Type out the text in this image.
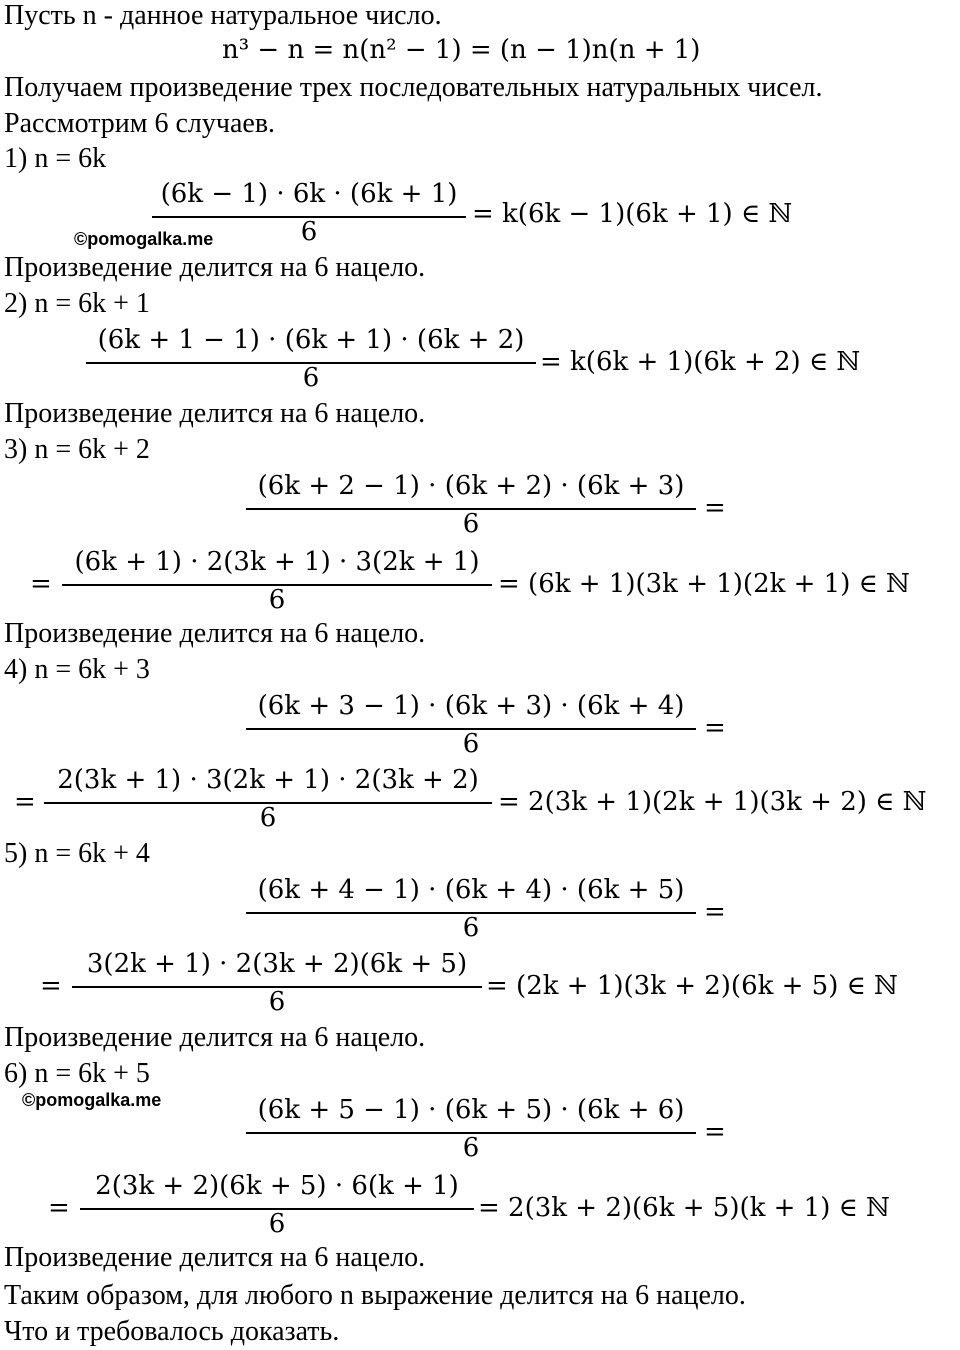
Пусть n - данное натуральное число.
n³ − n = n(n² − 1) = (n − 1)n(n + 1)
Получаем произведение трех последовательных натуральных чисел.
Рассмотрим 6 случаев.
1) n = 6k
(6k − 1) · 6k · (6k + 1)
6
= k(6k − 1)(6k + 1) ∈ ℕ
©pomogalka.me
Произведение делится на 6 нацело.
2) n = 6k + 1
(6k + 1 − 1) · (6k + 1) · (6k + 2)
6
= k(6k + 1)(6k + 2) ∈ ℕ
Произведение делится на 6 нацело.
3) n = 6k + 2
(6k + 2 − 1) · (6k + 2) · (6k + 3)
6
=
=
(6k + 1) · 2(3k + 1) · 3(2k + 1)
6
= (6k + 1)(3k + 1)(2k + 1) ∈ ℕ
Произведение делится на 6 нацело.
4) n = 6k + 3
(6k + 3 − 1) · (6k + 3) · (6k + 4)
6
=
=
2(3k + 1) · 3(2k + 1) · 2(3k + 2)
6
= 2(3k + 1)(2k + 1)(3k + 2) ∈ ℕ
5) n = 6k + 4
(6k + 4 − 1) · (6k + 4) · (6k + 5)
6
=
=
3(2k + 1) · 2(3k + 2)(6k + 5)
6
= (2k + 1)(3k + 2)(6k + 5) ∈ ℕ
Произведение делится на 6 нацело.
6) n = 6k + 5
©pomogalka.me	(6k + 5 − 1) · (6k + 5) · (6k + 6)
6
=
=
2(3k + 2)(6k + 5) · 6(k + 1)
6
= 2(3k + 2)(6k + 5)(k + 1) ∈ ℕ
Произведение делится на 6 нацело.
Таким образом, для любого n выражение делится на 6 нацело.
Что и требовалось доказать.
